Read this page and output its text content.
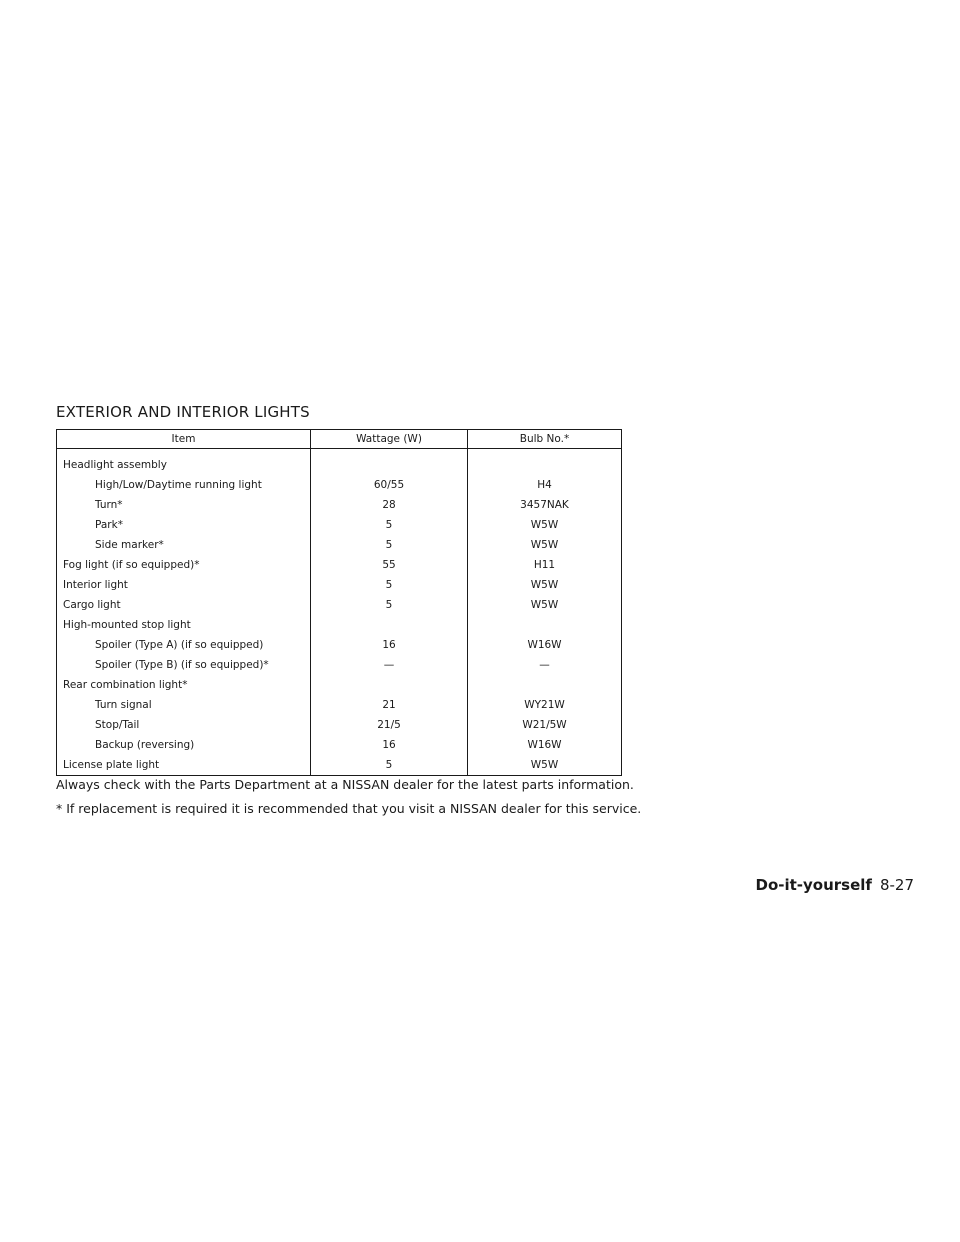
EXTERIOR AND INTERIOR LIGHTS
Item	Wattage (W)	Bulb No.*
Headlight assembly		
High/Low/Daytime running light	60/55	H4
Turn*	28	3457NAK
Park*	5	W5W
Side marker*	5	W5W
Fog light (if so equipped)*	55	H11
Interior light	5	W5W
Cargo light	5	W5W
High-mounted stop light		
Spoiler (Type A) (if so equipped)	16	W16W
Spoiler (Type B) (if so equipped)*	—	—
Rear combination light*		
Turn signal	21	WY21W
Stop/Tail	21/5	W21/5W
Backup (reversing)	16	W16W
License plate light	5	W5W

Always check with the Parts Department at a NISSAN dealer for the latest parts information.

* If replacement is required it is recommended that you visit a NISSAN dealer for this service.

Do-it-yourself 8-27
